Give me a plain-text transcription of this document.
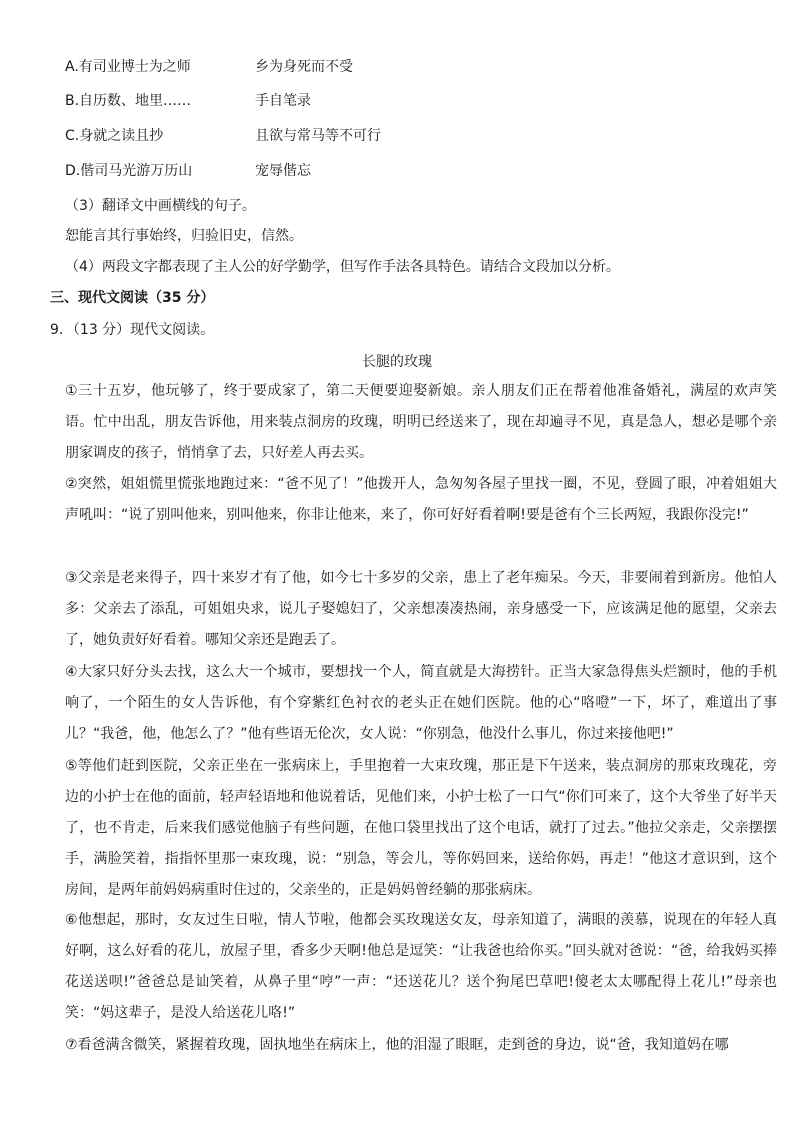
A.有司业博士为之师	乡为身死而不受
B.自历数、地里……	手自笔录
C.身就之读且抄	且欲与常马等不可行
D.偕司马光游万历山	宠辱偕忘
（3）翻译文中画横线的句子。
恕能言其行事始终，归验旧史，信然。
（4）两段文字都表现了主人公的好学勤学，但写作手法各具特色。请结合文段加以分析。
三、现代文阅读（35 分）
9．（13 分）现代文阅读。
长腿的玫瑰
①三十五岁，他玩够了，终于要成家了，第二天便要迎娶新娘。亲人朋友们正在帮着他准备婚礼，满屋的欢声笑语。忙中出乱，朋友告诉他，用来装点洞房的玫瑰，明明已经送来了，现在却遍寻不见，真是急人，想必是哪个亲朋家调皮的孩子，悄悄拿了去，只好差人再去买。
②突然，姐姐慌里慌张地跑过来：“爸不见了！”他拨开人，急匆匆各屋子里找一圈，不见，登圆了眼，冲着姐姐大声吼叫：“说了别叫他来，别叫他来，你非让他来，来了，你可好好看着啊!要是爸有个三长两短，我跟你没完!”
③父亲是老来得子，四十来岁才有了他，如今七十多岁的父亲，患上了老年痴呆。今天，非要闹着到新房。他怕人多：父亲去了添乱，可姐姐央求，说儿子娶媳妇了，父亲想凑凑热闹，亲身感受一下，应该满足他的愿望，父亲去了，她负责好好看着。哪知父亲还是跑丢了。
④大家只好分头去找，这么大一个城市，要想找一个人，简直就是大海捞针。正当大家急得焦头烂额时，他的手机响了，一个陌生的女人告诉他，有个穿紫红色衬衣的老头正在她们医院。他的心“咯噔”一下，坏了，难道出了事儿？“我爸，他，他怎么了？”他有些语无伦次，女人说：“你别急，他没什么事儿，你过来接他吧!”
⑤等他们赶到医院，父亲正坐在一张病床上，手里抱着一大束玫瑰，那正是下午送来，装点洞房的那束玫瑰花，旁边的小护士在他的面前，轻声轻语地和他说着话，见他们来，小护士松了一口气“你们可来了，这个大爷坐了好半天了，也不肯走，后来我们感觉他脑子有些问题，在他口袋里找出了这个电话，就打了过去。”他拉父亲走，父亲摆摆手，满脸笑着，指指怀里那一束玫瑰，说：“别急，等会儿，等你妈回来，送给你妈，再走！”他这才意识到，这个房间，是两年前妈妈病重时住过的，父亲坐的，正是妈妈曾经躺的那张病床。
⑥他想起，那时，女友过生日啦，情人节啦，他都会买玫瑰送女友，母亲知道了，满眼的羡慕，说现在的年轻人真好啊，这么好看的花儿，放屋子里，香多少天啊!他总是逗笑：“让我爸也给你买。”回头就对爸说：“爸，给我妈买捧花送送呗!”爸爸总是讪笑着，从鼻子里“哼”一声：“还送花儿？送个狗尾巴草吧!傻老太太哪配得上花儿!”母亲也笑：“妈这辈子，是没人给送花儿咯!”
⑦看爸满含微笑，紧握着玫瑰，固执地坐在病床上，他的泪湿了眼眶，走到爸的身边，说“爸，我知道妈在哪
